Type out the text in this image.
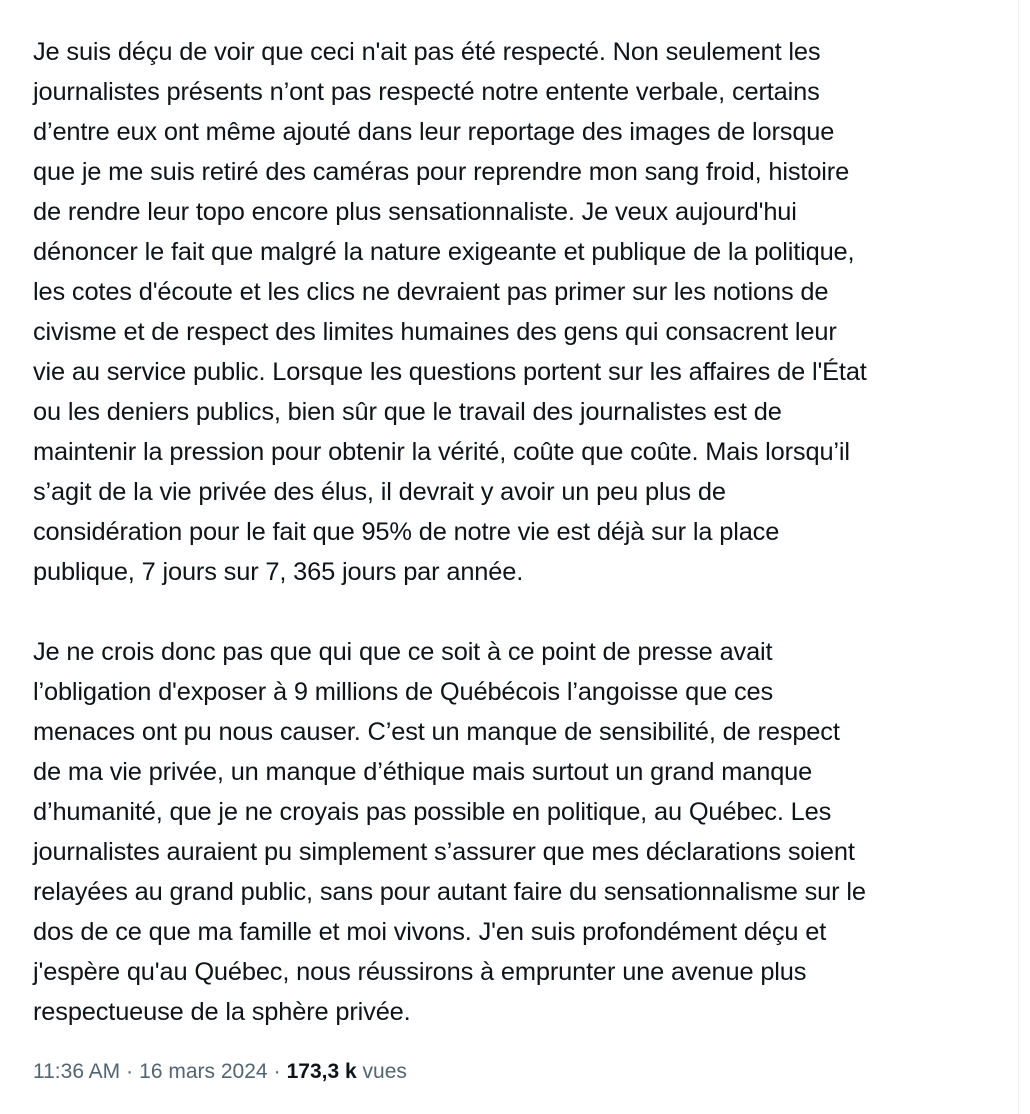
Je suis déçu de voir que ceci n'ait pas été respecté. Non seulement les
journalistes présents n’ont pas respecté notre entente verbale, certains
d’entre eux ont même ajouté dans leur reportage des images de lorsque
que je me suis retiré des caméras pour reprendre mon sang froid, histoire
de rendre leur topo encore plus sensationnaliste. Je veux aujourd'hui
dénoncer le fait que malgré la nature exigeante et publique de la politique,
les cotes d'écoute et les clics ne devraient pas primer sur les notions de
civisme et de respect des limites humaines des gens qui consacrent leur
vie au service public. Lorsque les questions portent sur les affaires de l'État
ou les deniers publics, bien sûr que le travail des journalistes est de
maintenir la pression pour obtenir la vérité, coûte que coûte. Mais lorsqu’il
s’agit de la vie privée des élus, il devrait y avoir un peu plus de
considération pour le fait que 95% de notre vie est déjà sur la place
publique, 7 jours sur 7, 365 jours par année.

Je ne crois donc pas que qui que ce soit à ce point de presse avait
l’obligation d'exposer à 9 millions de Québécois l’angoisse que ces
menaces ont pu nous causer. C’est un manque de sensibilité, de respect
de ma vie privée, un manque d’éthique mais surtout un grand manque
d’humanité, que je ne croyais pas possible en politique, au Québec. Les
journalistes auraient pu simplement s’assurer que mes déclarations soient
relayées au grand public, sans pour autant faire du sensationnalisme sur le
dos de ce que ma famille et moi vivons. J'en suis profondément déçu et
j'espère qu'au Québec, nous réussirons à emprunter une avenue plus
respectueuse de la sphère privée.

11:36 AM · 16 mars 2024 · 173,3 k vues
